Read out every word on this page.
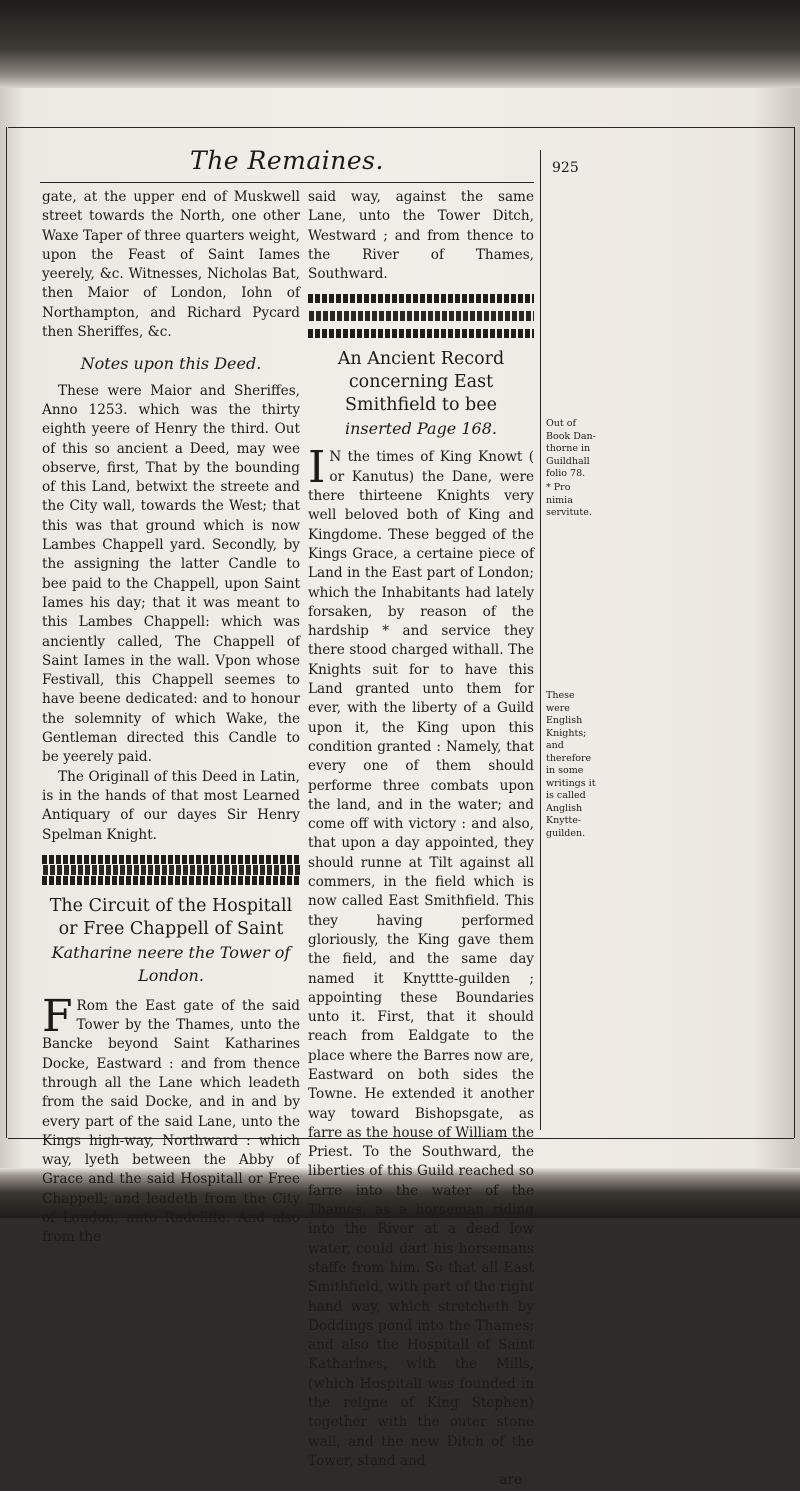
The Remaines.	925

gate, at the upper end of Muskwell street towards the North, one other Waxe Taper of three quarters weight, upon the Feast of Saint Iames yeerely, &c. Witnesses, Nicholas Bat, then Maior of London, Iohn of Northampton, and Richard Pycard then Sheriffes, &c.

Notes upon this Deed.

These were Maior and Sheriffes, Anno 1253. which was the thirty eighth yeere of Henry the third. Out of this so ancient a Deed, may wee observe, first, That by the bounding of this Land, betwixt the streete and the City wall, towards the West; that this was that ground which is now Lambes Chappell yard. Secondly, by the assigning the latter Candle to bee paid to the Chappell, upon Saint Iames his day; that it was meant to this Lambes Chappell: which was anciently called, The Chappell of Saint Iames in the wall. Vpon whose Festivall, this Chappell seemes to have beene dedicated: and to honour the solemnity of which Wake, the Gentleman directed this Candle to be yeerely paid.

The Originall of this Deed in Latin, is in the hands of that most Learned Antiquary of our dayes Sir Henry Spelman Knight.

The Circuit of the Hospitall or Free Chappell of Saint
Katharine neere the Tower of London.

F Rom the East gate of the said Tower by the Thames, unto the Bancke beyond Saint Katharines Docke, Eastward : and from thence through all the Lane which leadeth from the said Docke, and in and by every part of the said Lane, unto the Kings high-way, Northward : which way, lyeth between the Abby of Grace and the said Hospitall or Free Chappell; and leadeth from the City of London, unto Radcliffe. And also from the

said way, against the same Lane, unto the Tower Ditch, Westward ; and from thence to the River of Thames, Southward.

An Ancient Record concerning East Smithfield to bee
inserted Page 168.

I N the times of King Knowt ( or Kanutus) the Dane, were there thirteene Knights very well beloved both of King and Kingdome. These begged of the Kings Grace, a certaine piece of Land in the East part of London; which the Inhabitants had lately forsaken, by reason of the hardship * and service they there stood charged withall. The Knights suit for to have this Land granted unto them for ever, with the liberty of a Guild upon it, the King upon this condition granted : Namely, that every one of them should performe three combats upon the land, and in the water; and come off with victory : and also, that upon a day appointed, they should runne at Tilt against all commers, in the field which is now called East Smithfield. This they having performed gloriously, the King gave them the field, and the same day named it Knyttte-guilden ; appointing these Boundaries unto it. First, that it should reach from Ealdgate to the place where the Barres now are, Eastward on both sides the Towne. He extended it another way toward Bishopsgate, as farre as the house of William the Priest. To the Southward, the liberties of this Guild reached so farre into the water of the Thames, as a horseman riding into the River at a dead low water, could dart his horsemans staffe from him. So that all East Smithfield, with part of the right hand way, which stretcheth by Doddings pond into the Thames; and also the Hospitall of Saint Katharines, with the Mills, (which Hospitall was founded in the reigne of King Stephen) together with the outer stone wall, and the new Ditch of the Tower, stand and

are
Out of Book Dan-thorne in Guildhall folio 78.
* Pro nimia servitute.
These were English Knights; and therefore in some writings it is called Anglish Knytte-guilden.
